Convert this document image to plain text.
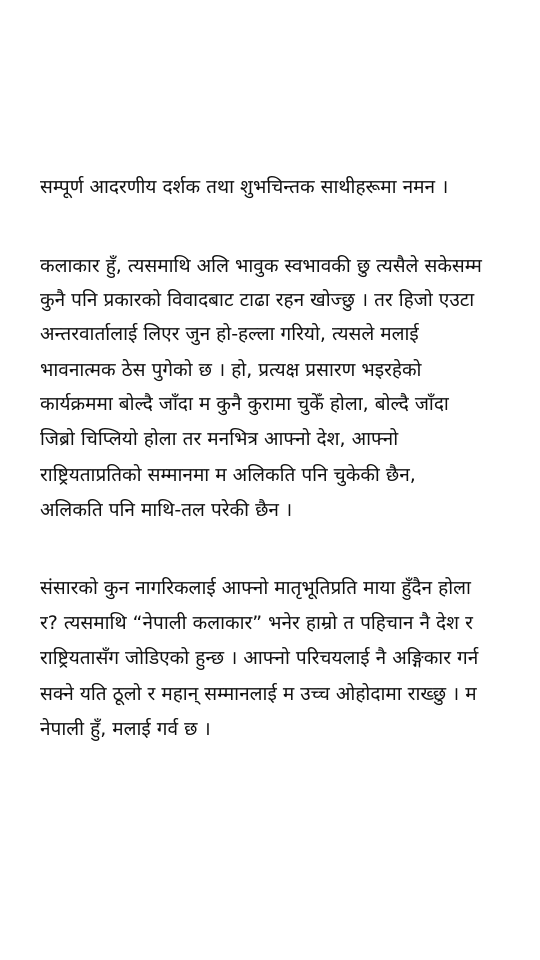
सम्पूर्ण आदरणीय दर्शक तथा शुभचिन्तक साथीहरूमा नमन ।
कलाकार हुँ, त्यसमाथि अलि भावुक स्वभावकी छु त्यसैले सकेसम्म
कुनै पनि प्रकारको विवादबाट टाढा रहन खोज्छु । तर हिजो एउटा
अन्तरवार्तालाई लिएर जुन हो-हल्ला गरियो, त्यसले मलाई
भावनात्मक ठेस पुगेको छ । हो, प्रत्यक्ष प्रसारण भइरहेको
कार्यक्रममा बोल्दै जाँदा म कुनै कुरामा चुकेँ होला, बोल्दै जाँदा
जिब्रो चिप्लियो होला तर मनभित्र आफ्नो देश, आफ्नो
राष्ट्रियताप्रतिको सम्मानमा म अलिकति पनि चुकेकी छैन,
अलिकति पनि माथि-तल परेकी छैन ।
संसारको कुन नागरिकलाई आफ्नो मातृभूतिप्रति माया हुँदैन होला
र? त्यसमाथि “नेपाली कलाकार” भनेर हाम्रो त पहिचान नै देश र
राष्ट्रियतासँग जोडिएको हुन्छ । आफ्नो परिचयलाई नै अङ्गिकार गर्न
सक्ने यति ठूलो र महान् सम्मानलाई म उच्च ओहोदामा राख्छु । म
नेपाली हुँ, मलाई गर्व छ ।
